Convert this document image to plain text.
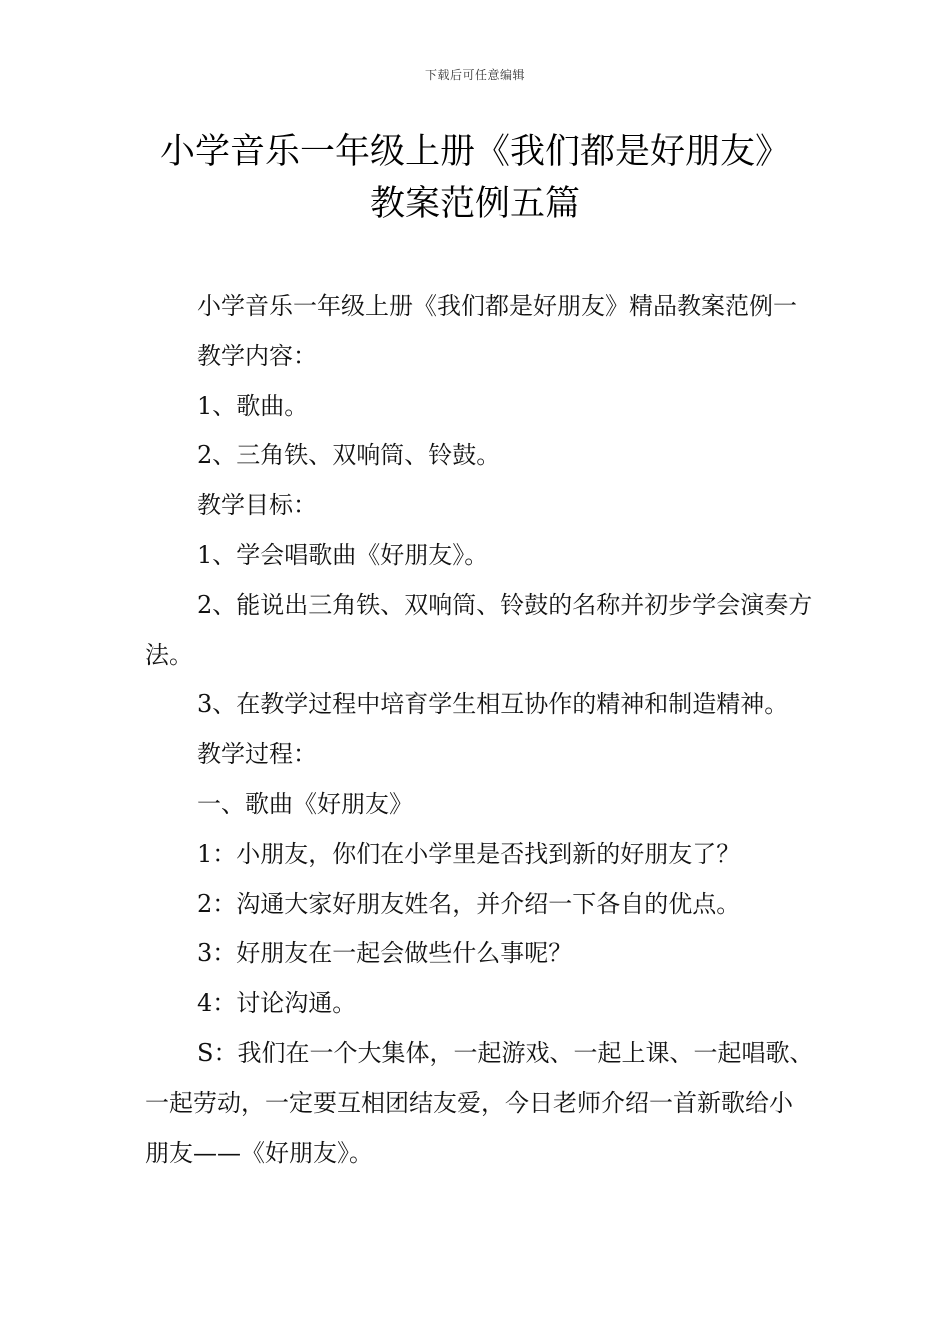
下载后可任意编辑
小学音乐一年级上册《我们都是好朋友》
教案范例五篇

小学音乐一年级上册《我们都是好朋友》精品教案范例一

教学内容：

1、歌曲。

2、三角铁、双响筒、铃鼓。

教学目标：

1、学会唱歌曲《好朋友》。

2、能说出三角铁、双响筒、铃鼓的名称并初步学会演奏方法。

3、在教学过程中培育学生相互协作的精神和制造精神。

教学过程：

一、歌曲《好朋友》

1：小朋友，你们在小学里是否找到新的好朋友了？

2：沟通大家好朋友姓名，并介绍一下各自的优点。

3：好朋友在一起会做些什么事呢？

4：讨论沟通。

S：我们在一个大集体，一起游戏、一起上课、一起唱歌、一起劳动，一定要互相团结友爱，今日老师介绍一首新歌给小朋友——《好朋友》。
